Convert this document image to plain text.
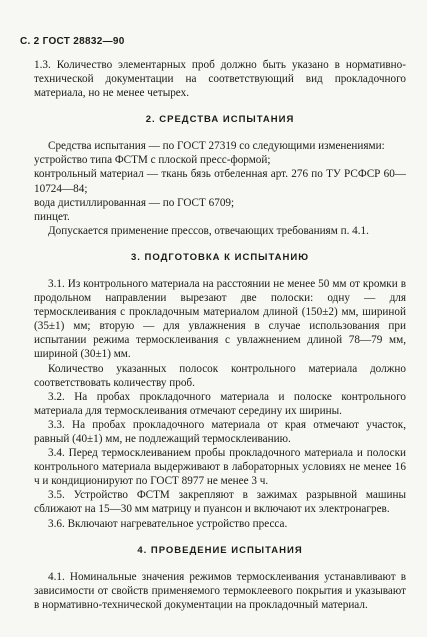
С. 2 ГОСТ 28832—90

1.3. Количество элементарных проб должно быть указано в нормативно-технической документации на соответствующий вид прокладочного материала, но не менее четырех.

2. СРЕДСТВА ИСПЫТАНИЯ

Средства испытания — по ГОСТ 27319 со следующими изменениями:

устройство типа ФСТМ с плоской пресс-формой;

контрольный материал — ткань бязь отбеленная арт. 276 по ТУ РСФСР 60—10724—84;

вода дистиллированная — по ГОСТ 6709;

пинцет.

Допускается применение прессов, отвечающих требованиям п. 4.1.

3. ПОДГОТОВКА К ИСПЫТАНИЮ

3.1. Из контрольного материала на расстоянии не менее 50 мм от кромки в продольном направлении вырезают две полоски: одну — для термосклеивания с прокладочным материалом длиной (150±2) мм, шириной (35±1) мм; вторую — для увлажнения в случае использования при испытании режима термосклеивания с увлажнением длиной 78—79 мм, шириной (30±1) мм.

Количество указанных полосок контрольного материала должно соответствовать количеству проб.

3.2. На пробах прокладочного материала и полоске контрольного материала для термосклеивания отмечают середину их ширины.

3.3. На пробах прокладочного материала от края отмечают участок, равный (40±1) мм, не подлежащий термосклеиванию.

3.4. Перед термосклеиванием пробы прокладочного материала и полоски контрольного материала выдерживают в лабораторных условиях не менее 16 ч и кондиционируют по ГОСТ 8977 не менее 3 ч.

3.5. Устройство ФСТМ закрепляют в зажимах разрывной машины сближают на 15—30 мм матрицу и пуансон и включают их электронагрев.

3.6. Включают нагревательное устройство пресса.

4. ПРОВЕДЕНИЕ ИСПЫТАНИЯ

4.1. Номинальные значения режимов термосклеивания устанавливают в зависимости от свойств применяемого термоклеевого покрытия и указывают в нормативно-технической документации на прокладочный материал.
